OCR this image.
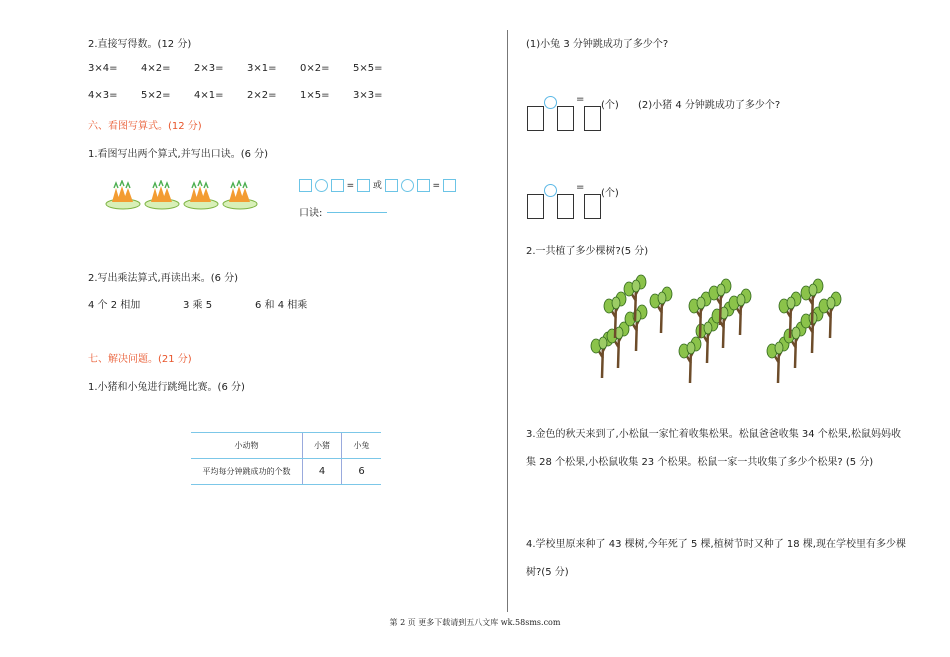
2.直接写得数。(12 分)
3×4= 4×2= 2×3= 3×1= 0×2= 5×5=
4×3= 5×2= 4×1= 2×2= 1×5= 3×3=
六、看图写算式。(12 分)
1.看图写出两个算式,并写出口诀。(6 分)
= 或	=
口诀:
2.写出乘法算式,再读出来。(6 分)
4 个 2 相加	3 乘 5	6 和 4 相乘
七、解决问题。(21 分)
1.小猪和小兔进行跳绳比赛。(6 分)
小动物	小猪	小兔
平均每分钟跳成功的个数	4	6
(1)小兔 3 分钟跳成功了多少个?
=
(个) (2)小猪 4 分钟跳成功了多少个?
=
(个)
2.一共植了多少棵树?(5 分)
3.金色的秋天来到了,小松鼠一家忙着收集松果。松鼠爸爸收集 34 个松果,松鼠妈妈收
集 28 个松果,小松鼠收集 23 个松果。松鼠一家一共收集了多少个松果? (5 分)
4.学校里原来种了 43 棵树,今年死了 5 棵,植树节时又种了 18 棵,现在学校里有多少棵
树?(5 分)
第 2 页 更多下载请到五八文库 wk.58sms.com
